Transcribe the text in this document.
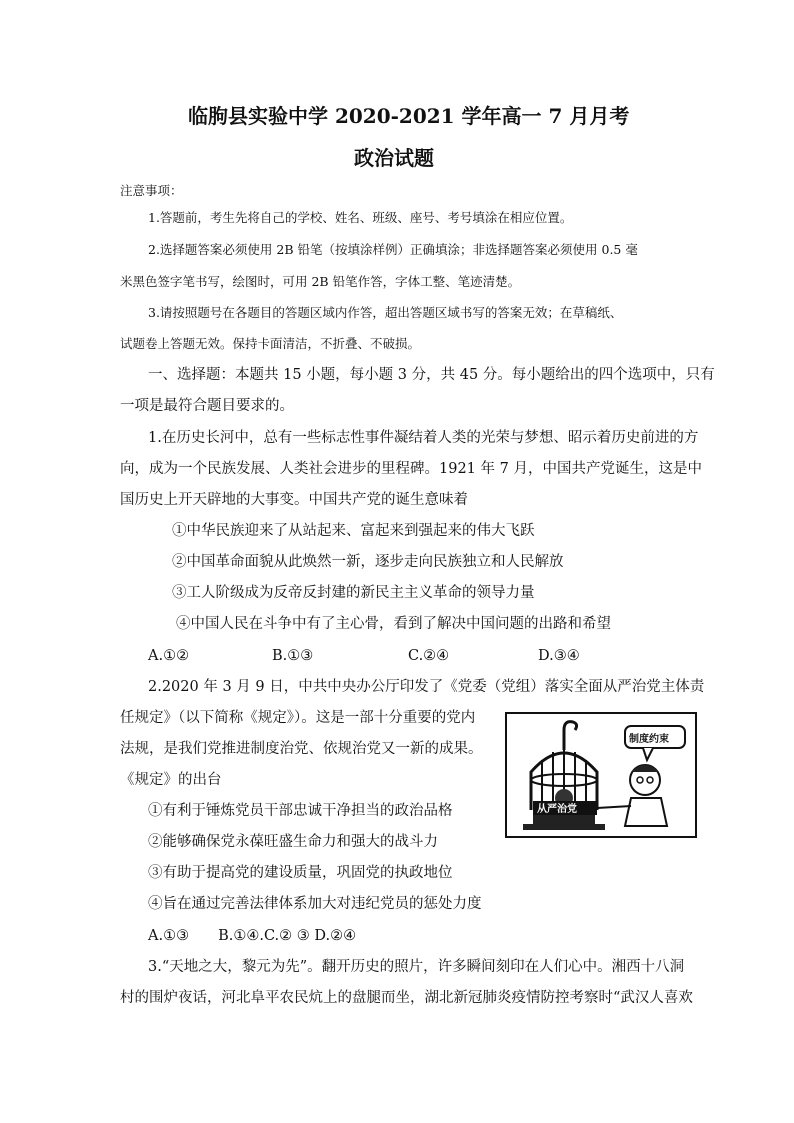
临朐县实验中学 2020-2021 学年高一 7 月月考
政治试题
注意事项：
1.答题前，考生先将自己的学校、姓名、班级、座号、考号填涂在相应位置。
2.选择题答案必须使用 2B 铅笔（按填涂样例）正确填涂；非选择题答案必须使用 0.5 毫
米黑色签字笔书写，绘图时，可用 2B 铅笔作答，字体工整、笔迹清楚。
3.请按照题号在各题目的答题区域内作答，超出答题区域书写的答案无效；在草稿纸、
试题卷上答题无效。保持卡面清洁，不折叠、不破损。
一、选择题：本题共 15 小题，每小题 3 分，共 45 分。每小题给出的四个选项中，只有
一项是最符合题目要求的。
1.在历史长河中，总有一些标志性事件凝结着人类的光荣与梦想、昭示着历史前进的方
向，成为一个民族发展、人类社会进步的里程碑。1921 年 7 月，中国共产党诞生，这是中
国历史上开天辟地的大事变。中国共产党的诞生意味着
①中华民族迎来了从站起来、富起来到强起来的伟大飞跃
②中国革命面貌从此焕然一新，逐步走向民族独立和人民解放
③工人阶级成为反帝反封建的新民主主义革命的领导力量
④中国人民在斗争中有了主心骨，看到了解决中国问题的出路和希望
A.①②	B.①③	C.②④	D.③④
2.2020 年 3 月 9 日，中共中央办公厅印发了《党委（党组）落实全面从严治党主体责
任规定》（以下简称《规定》）。这是一部十分重要的党内
法规，是我们党推进制度治党、依规治党又一新的成果。
《规定》的出台
①有利于锤炼党员干部忠诚干净担当的政治品格
②能够确保党永葆旺盛生命力和强大的战斗力
③有助于提高党的建设质量，巩固党的执政地位
④旨在通过完善法律体系加大对违纪党员的惩处力度
A.①③　　B.①④.C.② ③ D.②④
从严治党
制度约束
3.“天地之大，黎元为先”。翻开历史的照片，许多瞬间刻印在人们心中。湘西十八洞
村的围炉夜话，河北阜平农民炕上的盘腿而坐，湖北新冠肺炎疫情防控考察时“武汉人喜欢
